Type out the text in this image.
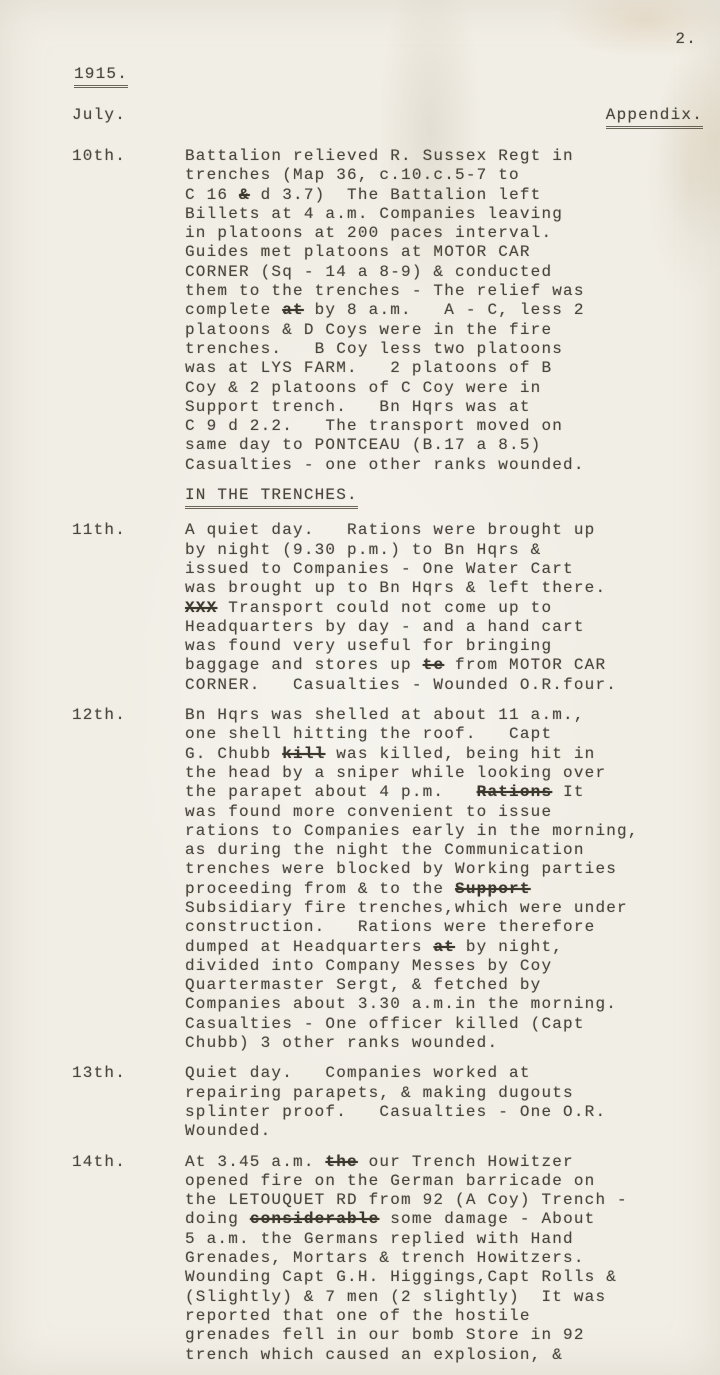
2.
1915.
July.	Appendix.
10th.	Battalion relieved R. Sussex Regt in
trenches (Map 36, c.10.c.5-7 to
C 16 & d 3.7)  The Battalion left
Billets at 4 a.m. Companies leaving
in platoons at 200 paces interval.
Guides met platoons at MOTOR CAR
CORNER (Sq - 14 a 8-9) & conducted
them to the trenches - The relief was
complete at by 8 a.m.   A - C, less 2
platoons & D Coys were in the fire
trenches.   B Coy less two platoons
was at LYS FARM.   2 platoons of B
Coy & 2 platoons of C Coy were in
Support trench.   Bn Hqrs was at
C 9 d 2.2.   The transport moved on
same day to PONTCEAU (B.17 a 8.5)
Casualties - one other ranks wounded.
IN THE TRENCHES.
11th.	A quiet day.   Rations were brought up
by night (9.30 p.m.) to Bn Hqrs &
issued to Companies - One Water Cart
was brought up to Bn Hqrs & left there.
XXX Transport could not come up to
Headquarters by day - and a hand cart
was found very useful for bringing
baggage and stores up te from MOTOR CAR
CORNER.   Casualties - Wounded O.R.four.
12th.	Bn Hqrs was shelled at about 11 a.m.,
one shell hitting the roof.   Capt
G. Chubb kill was killed, being hit in
the head by a sniper while looking over
the parapet about 4 p.m.   Rations It
was found more convenient to issue
rations to Companies early in the morning,
as during the night the Communication
trenches were blocked by Working parties
proceeding from & to the Support
Subsidiary fire trenches,which were under
construction.   Rations were therefore
dumped at Headquarters at by night,
divided into Company Messes by Coy
Quartermaster Sergt, & fetched by
Companies about 3.30 a.m.in the morning.
Casualties - One officer killed (Capt
Chubb) 3 other ranks wounded.
13th.	Quiet day.   Companies worked at
repairing parapets, & making dugouts
splinter proof.   Casualties - One O.R.
Wounded.
14th.	At 3.45 a.m. the our Trench Howitzer
opened fire on the German barricade on
the LETOUQUET RD from 92 (A Coy) Trench -
doing considerable some damage - About
5 a.m. the Germans replied with Hand
Grenades, Mortars & trench Howitzers.
Wounding Capt G.H. Higgings,Capt Rolls &
(Slightly) & 7 men (2 slightly)  It was
reported that one of the hostile
grenades fell in our bomb Store in 92
trench which caused an explosion, &
